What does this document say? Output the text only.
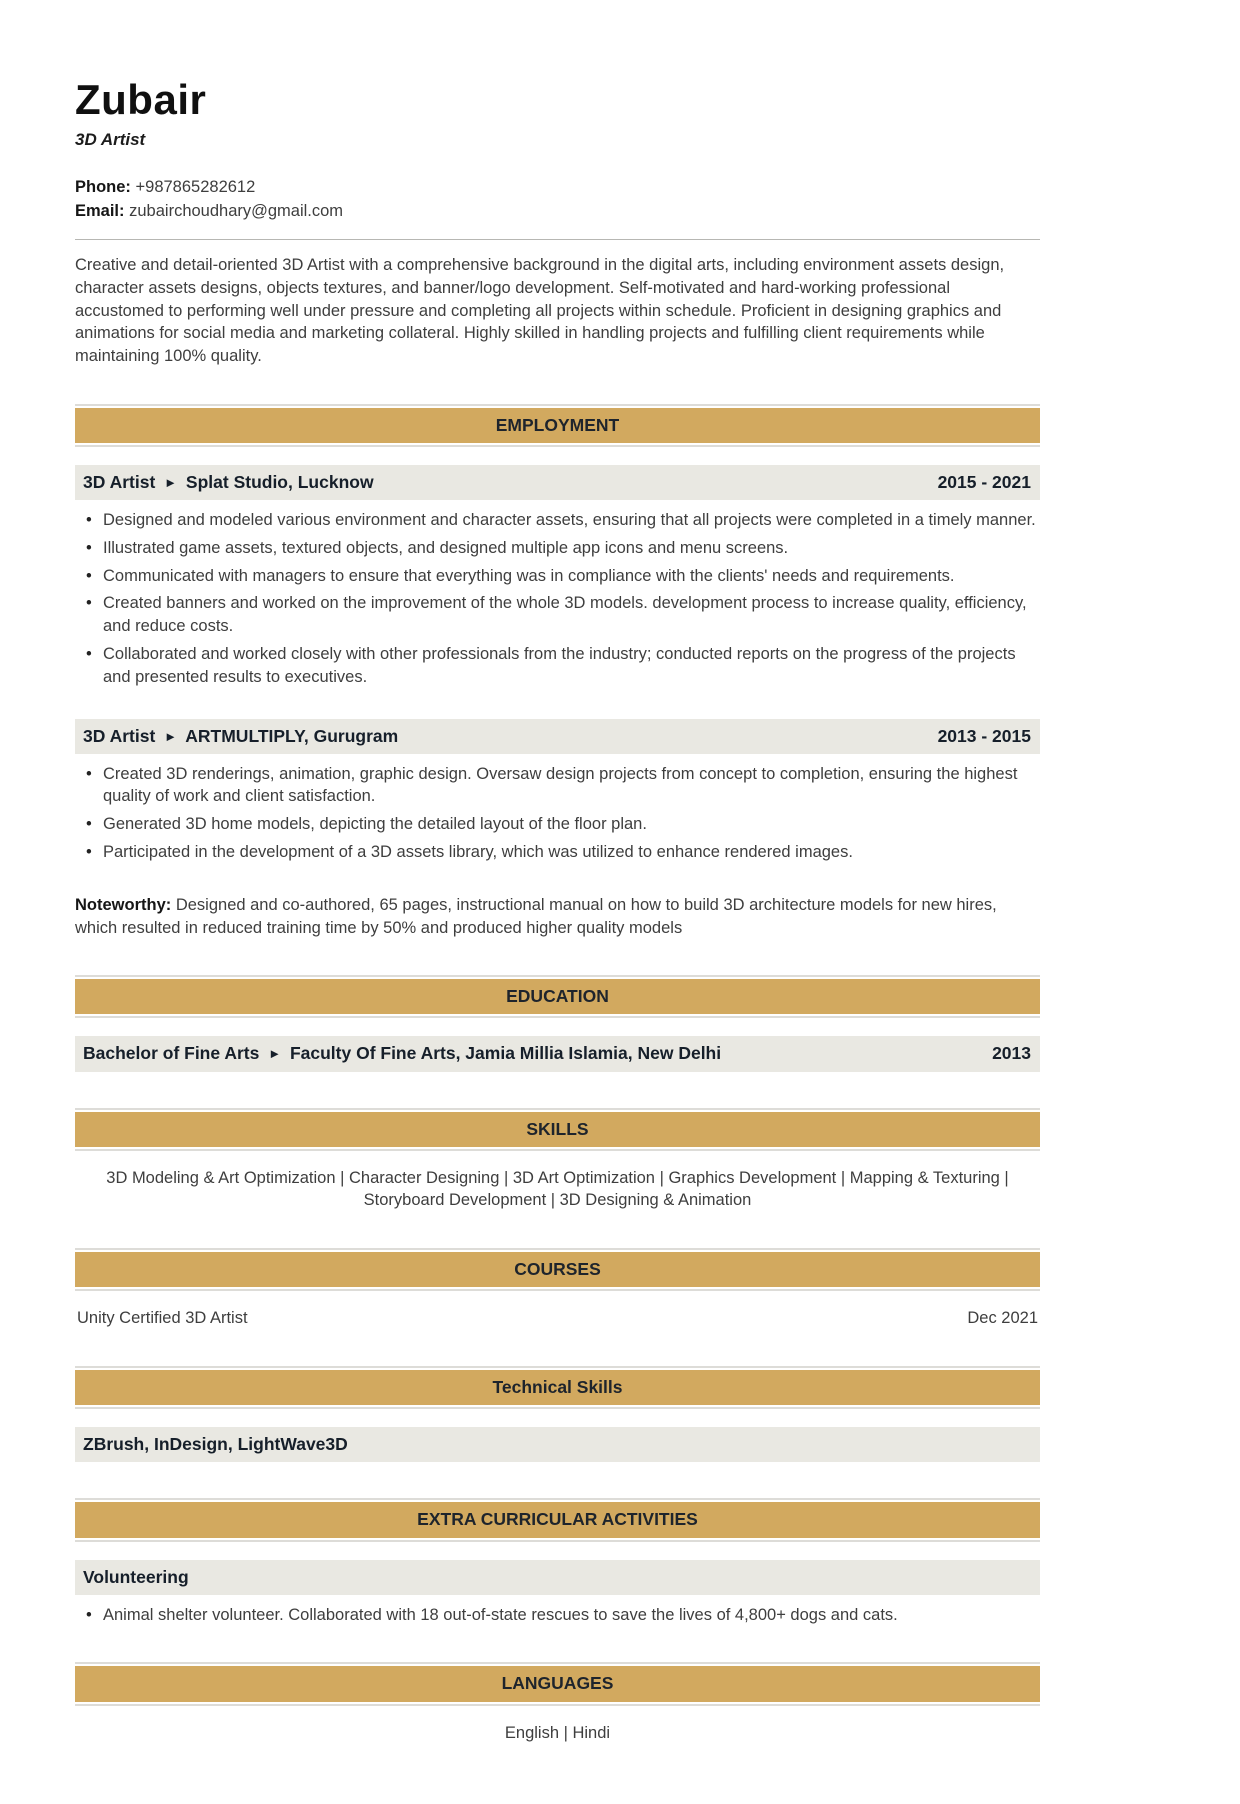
Zubair
3D Artist
Phone: +987865282612
Email: zubairchoudhary@gmail.com

Creative and detail-oriented 3D Artist with a comprehensive background in the digital arts, including environment assets design, character assets designs, objects textures, and banner/logo development. Self-motivated and hard-working professional accustomed to performing well under pressure and completing all projects within schedule. Proficient in designing graphics and animations for social media and marketing collateral. Highly skilled in handling projects and fulfilling client requirements while maintaining 100% quality.

EMPLOYMENT
3D Artist ► Splat Studio, Lucknow	2015 - 2021
• Designed and modeled various environment and character assets, ensuring that all projects were completed in a timely manner.
• Illustrated game assets, textured objects, and designed multiple app icons and menu screens.
• Communicated with managers to ensure that everything was in compliance with the clients' needs and requirements.
• Created banners and worked on the improvement of the whole 3D models. development process to increase quality, efficiency, and reduce costs.
• Collaborated and worked closely with other professionals from the industry; conducted reports on the progress of the projects and presented results to executives.
3D Artist ► ARTMULTIPLY, Gurugram	2013 - 2015
• Created 3D renderings, animation, graphic design. Oversaw design projects from concept to completion, ensuring the highest quality of work and client satisfaction.
• Generated 3D home models, depicting the detailed layout of the floor plan.
• Participated in the development of a 3D assets library, which was utilized to enhance rendered images.

Noteworthy: Designed and co-authored, 65 pages, instructional manual on how to build 3D architecture models for new hires, which resulted in reduced training time by 50% and produced higher quality models

EDUCATION
Bachelor of Fine Arts ► Faculty Of Fine Arts, Jamia Millia Islamia, New Delhi	2013
SKILLS
3D Modeling & Art Optimization | Character Designing | 3D Art Optimization | Graphics Development | Mapping & Texturing | Storyboard Development | 3D Designing & Animation
COURSES
Unity Certified 3D Artist	Dec 2021
Technical Skills
ZBrush, InDesign, LightWave3D
EXTRA CURRICULAR ACTIVITIES
Volunteering
• Animal shelter volunteer. Collaborated with 18 out-of-state rescues to save the lives of 4,800+ dogs and cats.
LANGUAGES
English | Hindi
